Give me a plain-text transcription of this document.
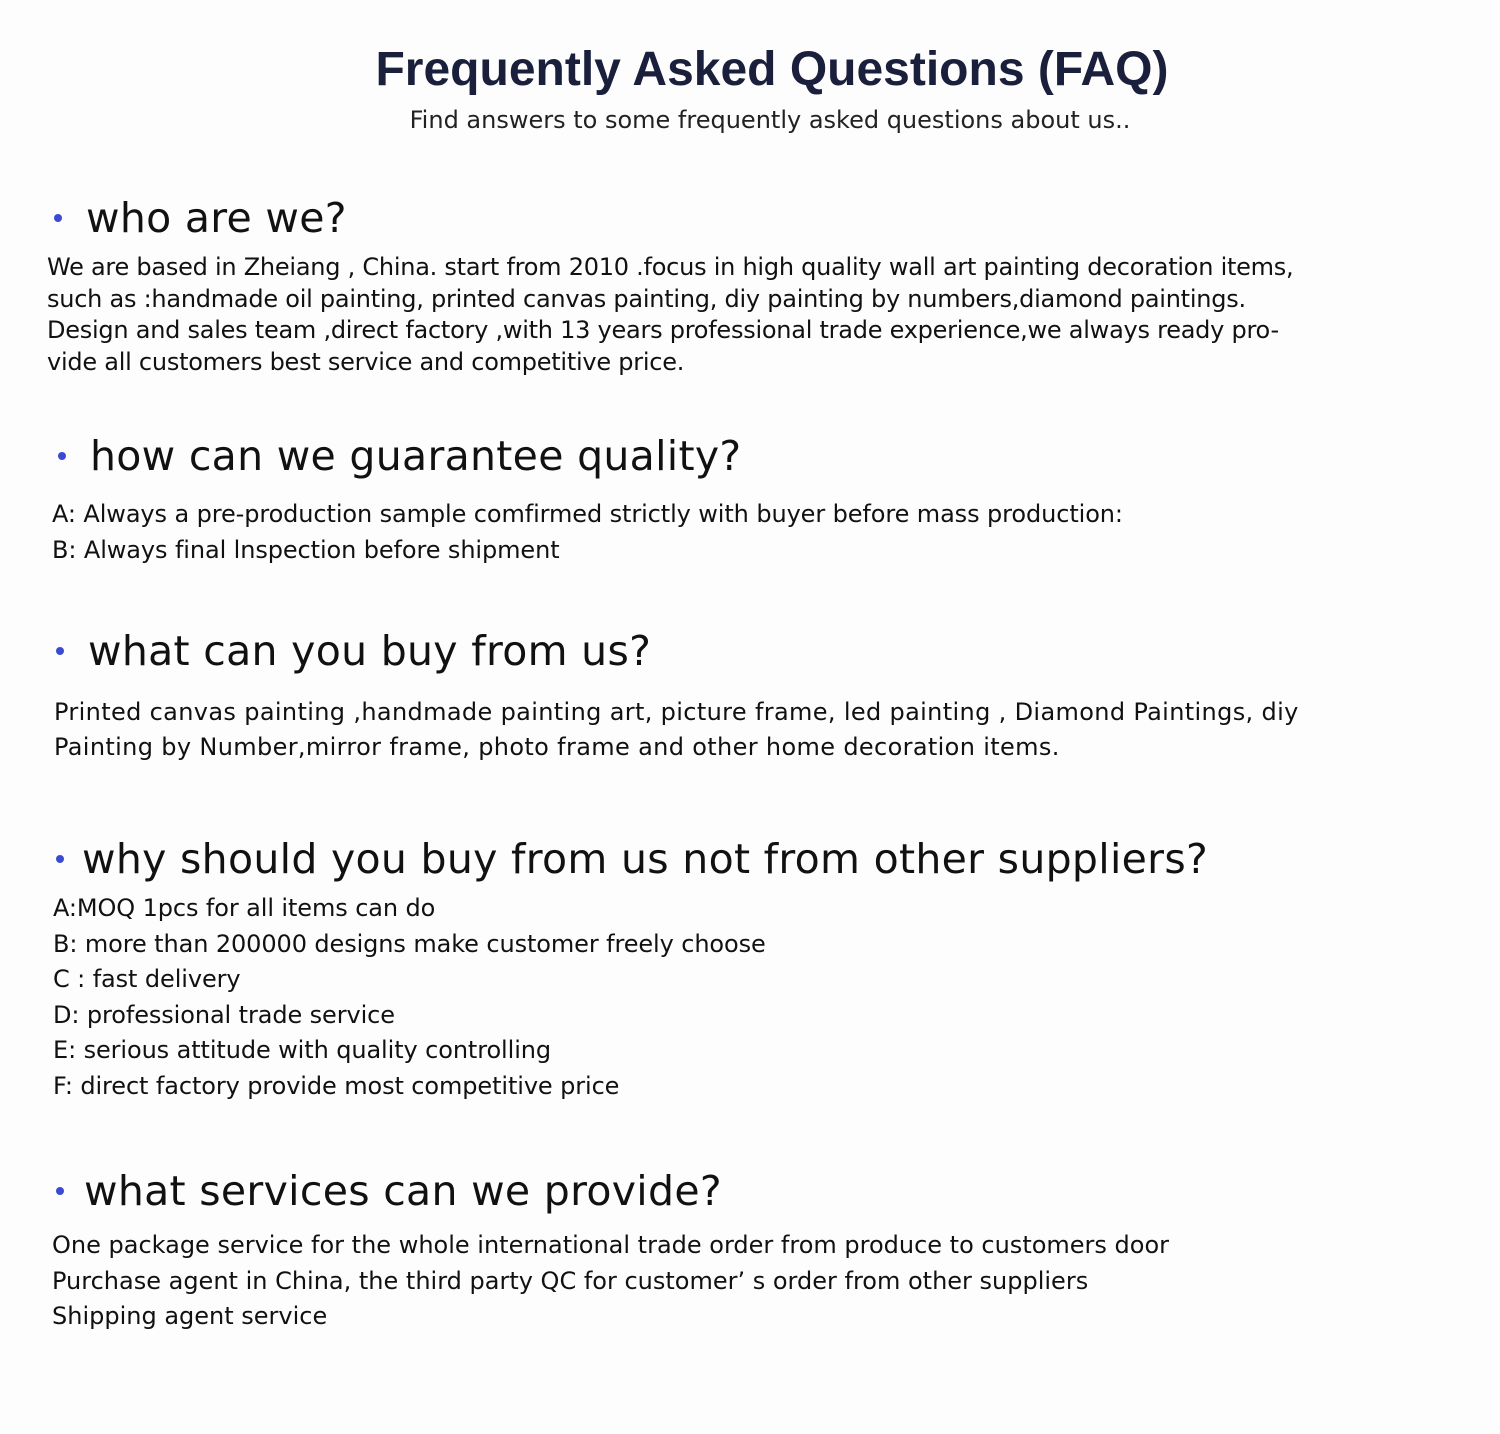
Frequently Asked Questions (FAQ)

Find answers to some frequently asked questions about us..

who are we?

We are based in Zheiang , China. start from 2010 .focus in high quality wall art painting decoration items,
such as :handmade oil painting, printed canvas painting, diy painting by numbers,diamond paintings.
Design and sales team ,direct factory ,with 13 years professional trade experience,we always ready pro-
vide all customers best service and competitive price.

how can we guarantee quality?

A: Always a pre-production sample comfirmed strictly with buyer before mass production:
B: Always final lnspection before shipment

what can you buy from us?

Printed canvas painting ,handmade painting art, picture frame, led painting , Diamond Paintings, diy
Painting by Number,mirror frame, photo frame and other home decoration items.

why should you buy from us not from other suppliers?

A:MOQ 1pcs for all items can do
B: more than 200000 designs make customer freely choose
C : fast delivery
D: professional trade service
E: serious attitude with quality controlling
F: direct factory provide most competitive price

what services can we provide?

One package service for the whole international trade order from produce to customers door
Purchase agent in China, the third party QC for customer’ s order from other suppliers
Shipping agent service
